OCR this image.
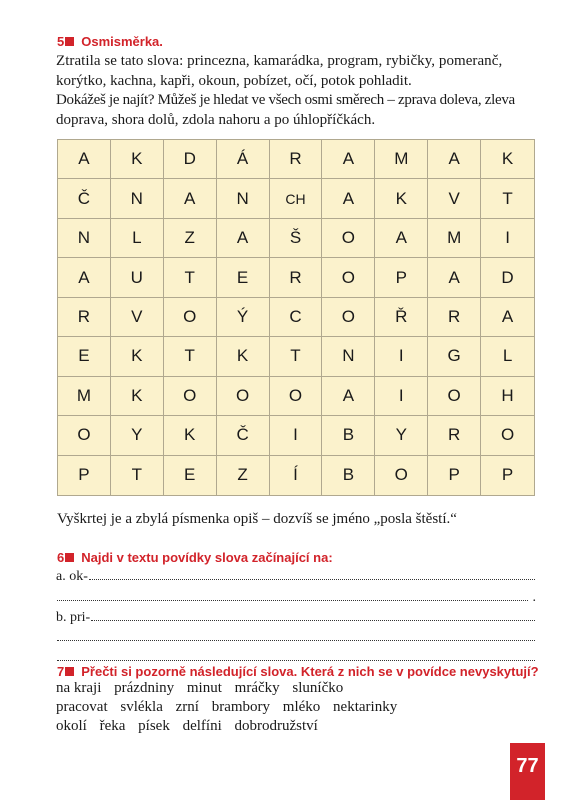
5 Osmisměrka.
Ztratila se tato slova: princezna, kamarádka, program, rybičky, pomeranč,
korýtko, kachna, kapři, okoun, pobízet, očí, potok pohladit.
Dokážeš je najít? Můžeš je hledat ve všech osmi směrech – zprava doleva, zleva
doprava, shora dolů, zdola nahoru a po úhlopříčkách.
A	K	D	Á	R	A	M	A	K
Č	N	A	N	CH	A	K	V	T
N	L	Z	A	Š	O	A	M	I
A	U	T	E	R	O	P	A	D
R	V	O	Ý	C	O	Ř	R	A
E	K	T	K	T	N	I	G	L
M	K	O	O	O	A	I	O	H
O	Y	K	Č	I	B	Y	R	O
P	T	E	Z	Í	B	O	P	P
Vyškrtej je a zbylá písmenka opiš – dozvíš se jméno „posla štěstí.“
6 Najdi v textu povídky slova začínající na:
a. ok-
.
b. pri-
7 Přečti si pozorně následující slova. Která z nich se v povídce nevyskytují?
na kraji prázdniny minut mráčky sluníčko
pracovat svlékla zrní brambory mléko nektarinky
okolí řeka písek delfíni dobrodružství
77
